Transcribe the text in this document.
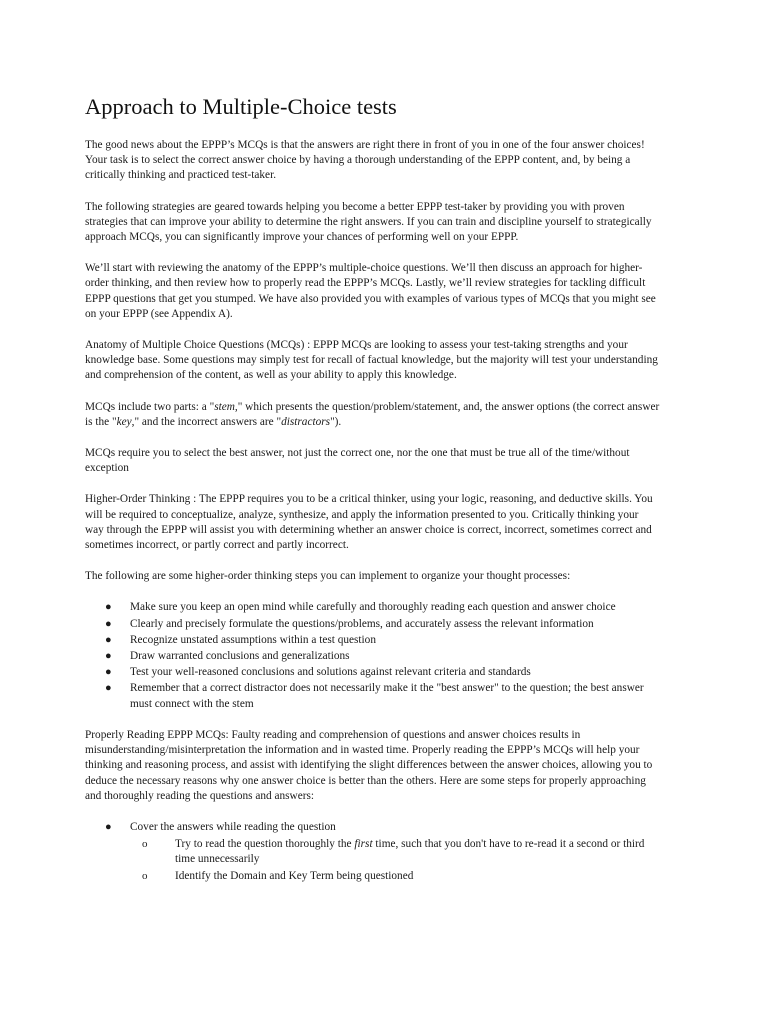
Approach to Multiple-Choice tests

The good news about the EPPP’s MCQs is that the answers are right there in front of you in one of the four answer choices! Your task is to select the correct answer choice by having a thorough understanding of the EPPP content, and, by being a critically thinking and practiced test-taker.

The following strategies are geared towards helping you become a better EPPP test-taker by providing you with proven strategies that can improve your ability to determine the right answers. If you can train and discipline yourself to strategically approach MCQs, you can significantly improve your chances of performing well on your EPPP.

We’ll start with reviewing the anatomy of the EPPP’s multiple-choice questions. We’ll then discuss an approach for higher-order thinking, and then review how to properly read the EPPP’s MCQs. Lastly, we’ll review strategies for tackling difficult EPPP questions that get you stumped. We have also provided you with examples of various types of MCQs that you might see on your EPPP (see Appendix A).

Anatomy of Multiple Choice Questions (MCQs) : EPPP MCQs are looking to assess your test-taking strengths and your knowledge base. Some questions may simply test for recall of factual knowledge, but the majority will test your understanding and comprehension of the content, as well as your ability to apply this knowledge.

MCQs include two parts: a "stem," which presents the question/problem/statement, and, the answer options (the correct answer is the "key," and the incorrect answers are "distractors").

MCQs require you to select the best answer, not just the correct one, nor the one that must be true all of the time/without exception

Higher-Order Thinking : The EPPP requires you to be a critical thinker, using your logic, reasoning, and deductive skills. You will be required to conceptualize, analyze, synthesize, and apply the information presented to you. Critically thinking your way through the EPPP will assist you with determining whether an answer choice is correct, incorrect, sometimes correct and sometimes incorrect, or partly correct and partly incorrect.

The following are some higher-order thinking steps you can implement to organize your thought processes:

● Make sure you keep an open mind while carefully and thoroughly reading each question and answer choice
● Clearly and precisely formulate the questions/problems, and accurately assess the relevant information
● Recognize unstated assumptions within a test question
● Draw warranted conclusions and generalizations
● Test your well-reasoned conclusions and solutions against relevant criteria and standards
● Remember that a correct distractor does not necessarily make it the "best answer" to the question; the best answer must connect with the stem

Properly Reading EPPP MCQs: Faulty reading and comprehension of questions and answer choices results in misunderstanding/misinterpretation the information and in wasted time. Properly reading the EPPP’s MCQs will help your thinking and reasoning process, and assist with identifying the slight differences between the answer choices, allowing you to deduce the necessary reasons why one answer choice is better than the others. Here are some steps for properly approaching and thoroughly reading the questions and answers:

● Cover the answers while reading the question
o Try to read the question thoroughly the first time, such that you don't have to re-read it a second or third time unnecessarily
o Identify the Domain and Key Term being questioned
